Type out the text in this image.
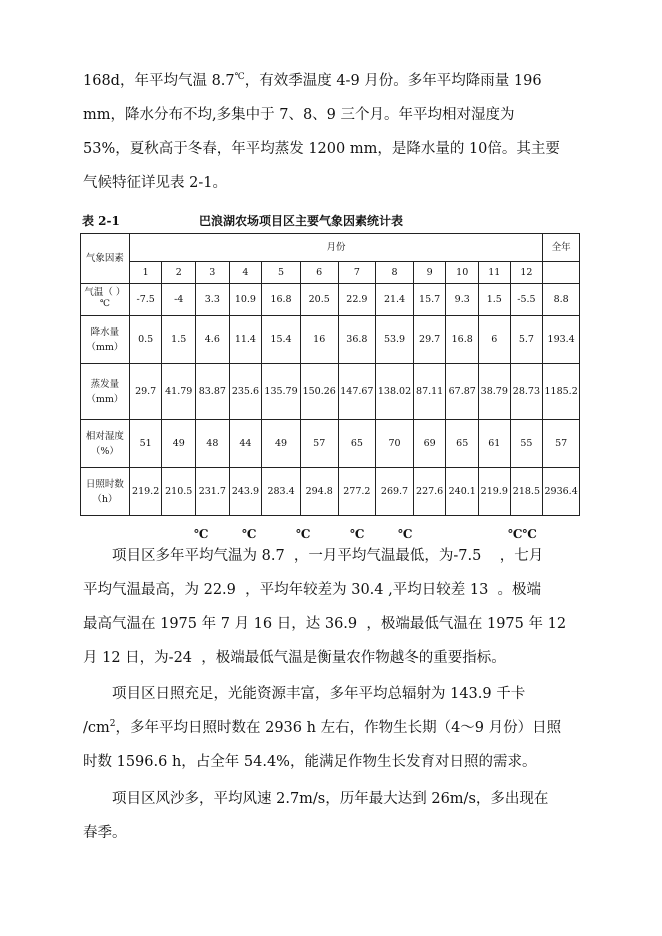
168d，年平均气温 8.7℃，有效季温度 4-9 月份。多年平均降雨量 196
mm，降水分布不均,多集中于 7、8、9 三个月。年平均相对湿度为
53%，夏秋高于冬春，年平均蒸发 1200 mm，是降水量的 10倍。其主要
气候特征详见表 2-1。
表 2-1	巴浪湖农场项目区主要气象因素统计表
气象因素	月份												全年
	1	2	3	4	5	6	7	8	9	10	11	12	
气温（ ）℃	-7.5	-4	3.3	10.9	16.8	20.5	22.9	21.4	15.7	9.3	1.5	-5.5	8.8
降水量（mm）	0.5	1.5	4.6	11.4	15.4	16	36.8	53.9	29.7	16.8	6	5.7	193.4
蒸发量（mm）	29.7	41.79	83.87	235.6	135.79	150.26	147.67	138.02	87.11	67.87	38.79	28.73	1185.2
相对湿度（%）	51	49	48	44	49	57	65	70	69	65	61	55	57
日照时数（h）	219.2	210.5	231.7	243.9	283.4	294.8	277.2	269.7	227.6	240.1	219.9	218.5	2936.4
℃	℃	℃	℃	℃	℃℃
项目区多年平均气温为 8.7 ，一月平均气温最低，为-7.5 ，七月
平均气温最高，为 22.9 ，平均年较差为 30.4 ,平均日较差 13 。极端
最高气温在 1975 年 7 月 16 日，达 36.9 ，极端最低气温在 1975 年 12
月 12 日，为-24 ，极端最低气温是衡量农作物越冬的重要指标。
项目区日照充足，光能资源丰富，多年平均总辐射为 143.9 千卡
$/cm^2$，多年平均日照时数在 2936 h 左右，作物生长期（4～9 月份）日照
时数 1596.6 h，占全年 54.4%，能满足作物生长发育对日照的需求。
项目区风沙多，平均风速 2.7m/s，历年最大达到 26m/s，多出现在
春季。
